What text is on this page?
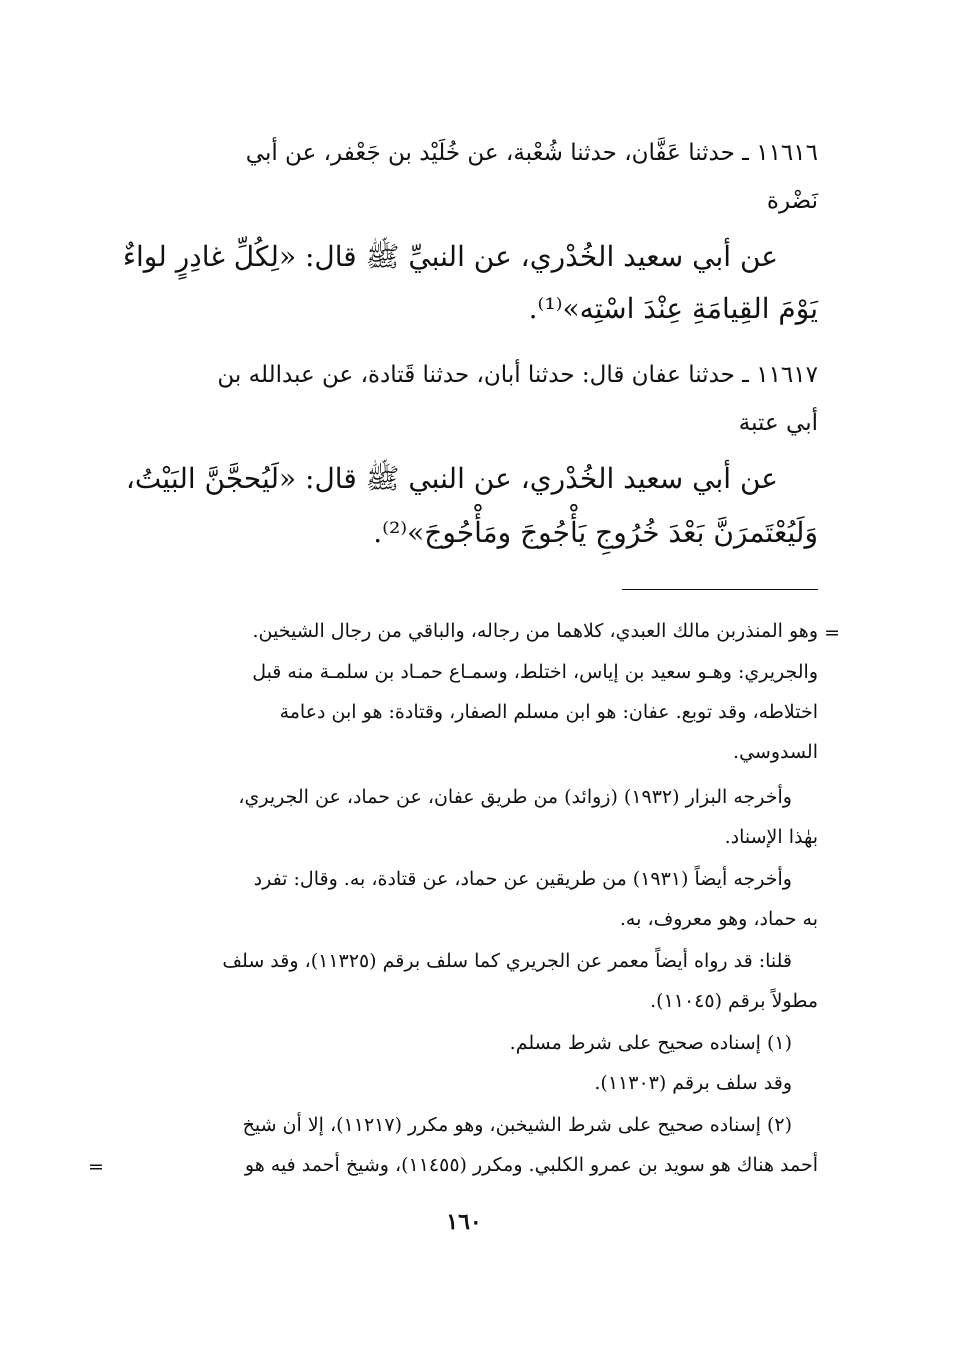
١١٦١٦ ـ حدثنا عَفَّان، حدثنا شُعْبة، عن خُلَيْد بن جَعْفر، عن أبي
نَضْرة
عن أبي سعيد الخُدْري، عن النبيِّ ﷺ قال: «لِكُلِّ غادِرٍ لواءٌ
يَوْمَ القِيامَةِ عِنْدَ اسْتِه»⁽¹⁾.
١١٦١٧ ـ حدثنا عفان قال: حدثنا أبان، حدثنا قَتادة، عن عبدالله بن
أبي عتبة
عن أبي سعيد الخُدْري، عن النبي ﷺ قال: «لَيُحجَّنَّ البَيْتُ،
وَلَيُعْتَمرَنَّ بَعْدَ خُرُوجِ يَأْجُوجَ ومَأْجُوجَ»⁽²⁾.
=
وهو المنذربن مالك العبدي، كلاهما من رجاله، والباقي من رجال الشيخين.
والجريري: وهـو سعيد بن إياس، اختلط، وسمـاع حمـاد بن سلمـة منه قبل
اختلاطه، وقد توبع. عفان: هو ابن مسلم الصفار، وقتادة: هو ابن دعامة
السدوسي.
وأخرجه البزار (١٩٣٢) (زوائد) من طريق عفان، عن حماد، عن الجريري،
بهٰذا الإسناد.
وأخرجه أيضاً (١٩٣١) من طريقين عن حماد، عن قتادة، به. وقال: تفرد
به حماد، وهو معروف، به.
قلنا: قد رواه أيضاً معمر عن الجريري كما سلف برقم (١١٣٢٥)، وقد سلف
مطولاً برقم (١١٠٤٥).
(١) إسناده صحيح على شرط مسلم.
وقد سلف برقم (١١٣٠٣).
(٢) إسناده صحيح على شرط الشيخبن، وهو مكرر (١١٢١٧)، إلا أن شيخ
أحمد هناك هو سويد بن عمرو الكلبي. ومكرر (١١٤٥٥)، وشيخ أحمد فيه هو
=
١٦٠
